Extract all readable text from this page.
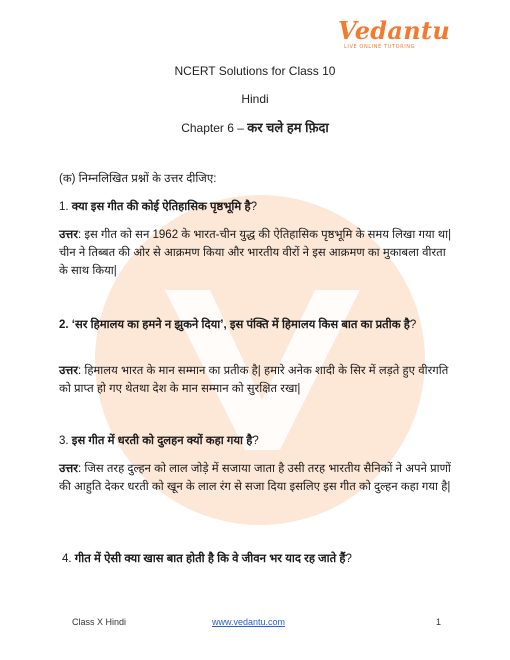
Vedantu
LIVE ONLINE TUTORING
NCERT Solutions for Class 10
Hindi
Chapter 6 – कर चले हम फ़िदा
(क) निम्नलिखित प्रश्नों के उत्तर दीजिए:
1. क्या इस गीत की कोई ऐतिहासिक पृष्ठभूमि है?
उत्तर: इस गीत को सन 1962 के भारत-चीन युद्ध की ऐतिहासिक पृष्ठभूमि के समय लिखा गया था| चीन ने तिब्बत की ओर से आक्रमण किया और भारतीय वीरों ने इस आक्रमण का मुकाबला वीरता के साथ किया|
2. ‘सर हिमालय का हमने न झुकने दिया’, इस पंक्ति में हिमालय किस बात का प्रतीक है?
उत्तर: हिमालय भारत के मान सम्मान का प्रतीक है| हमारे अनेक शादी के सिर में लड़ते हुए वीरगति को प्राप्त हो गए थेतथा देश के मान सम्मान को सुरक्षित रखा|
3. इस गीत में धरती को दुलहन क्यों कहा गया है?
उत्तर: जिस तरह दुल्हन को लाल जोड़े में सजाया जाता है उसी तरह भारतीय सैनिकों ने अपने प्राणों की आहुति देकर धरती को खून के लाल रंग से सजा दिया इसलिए इस गीत को दुल्हन कहा गया है|
4. गीत में ऐसी क्या खास बात होती है कि वे जीवन भर याद रह जाते हैं?
Class X Hindi	www.vedantu.com	1
